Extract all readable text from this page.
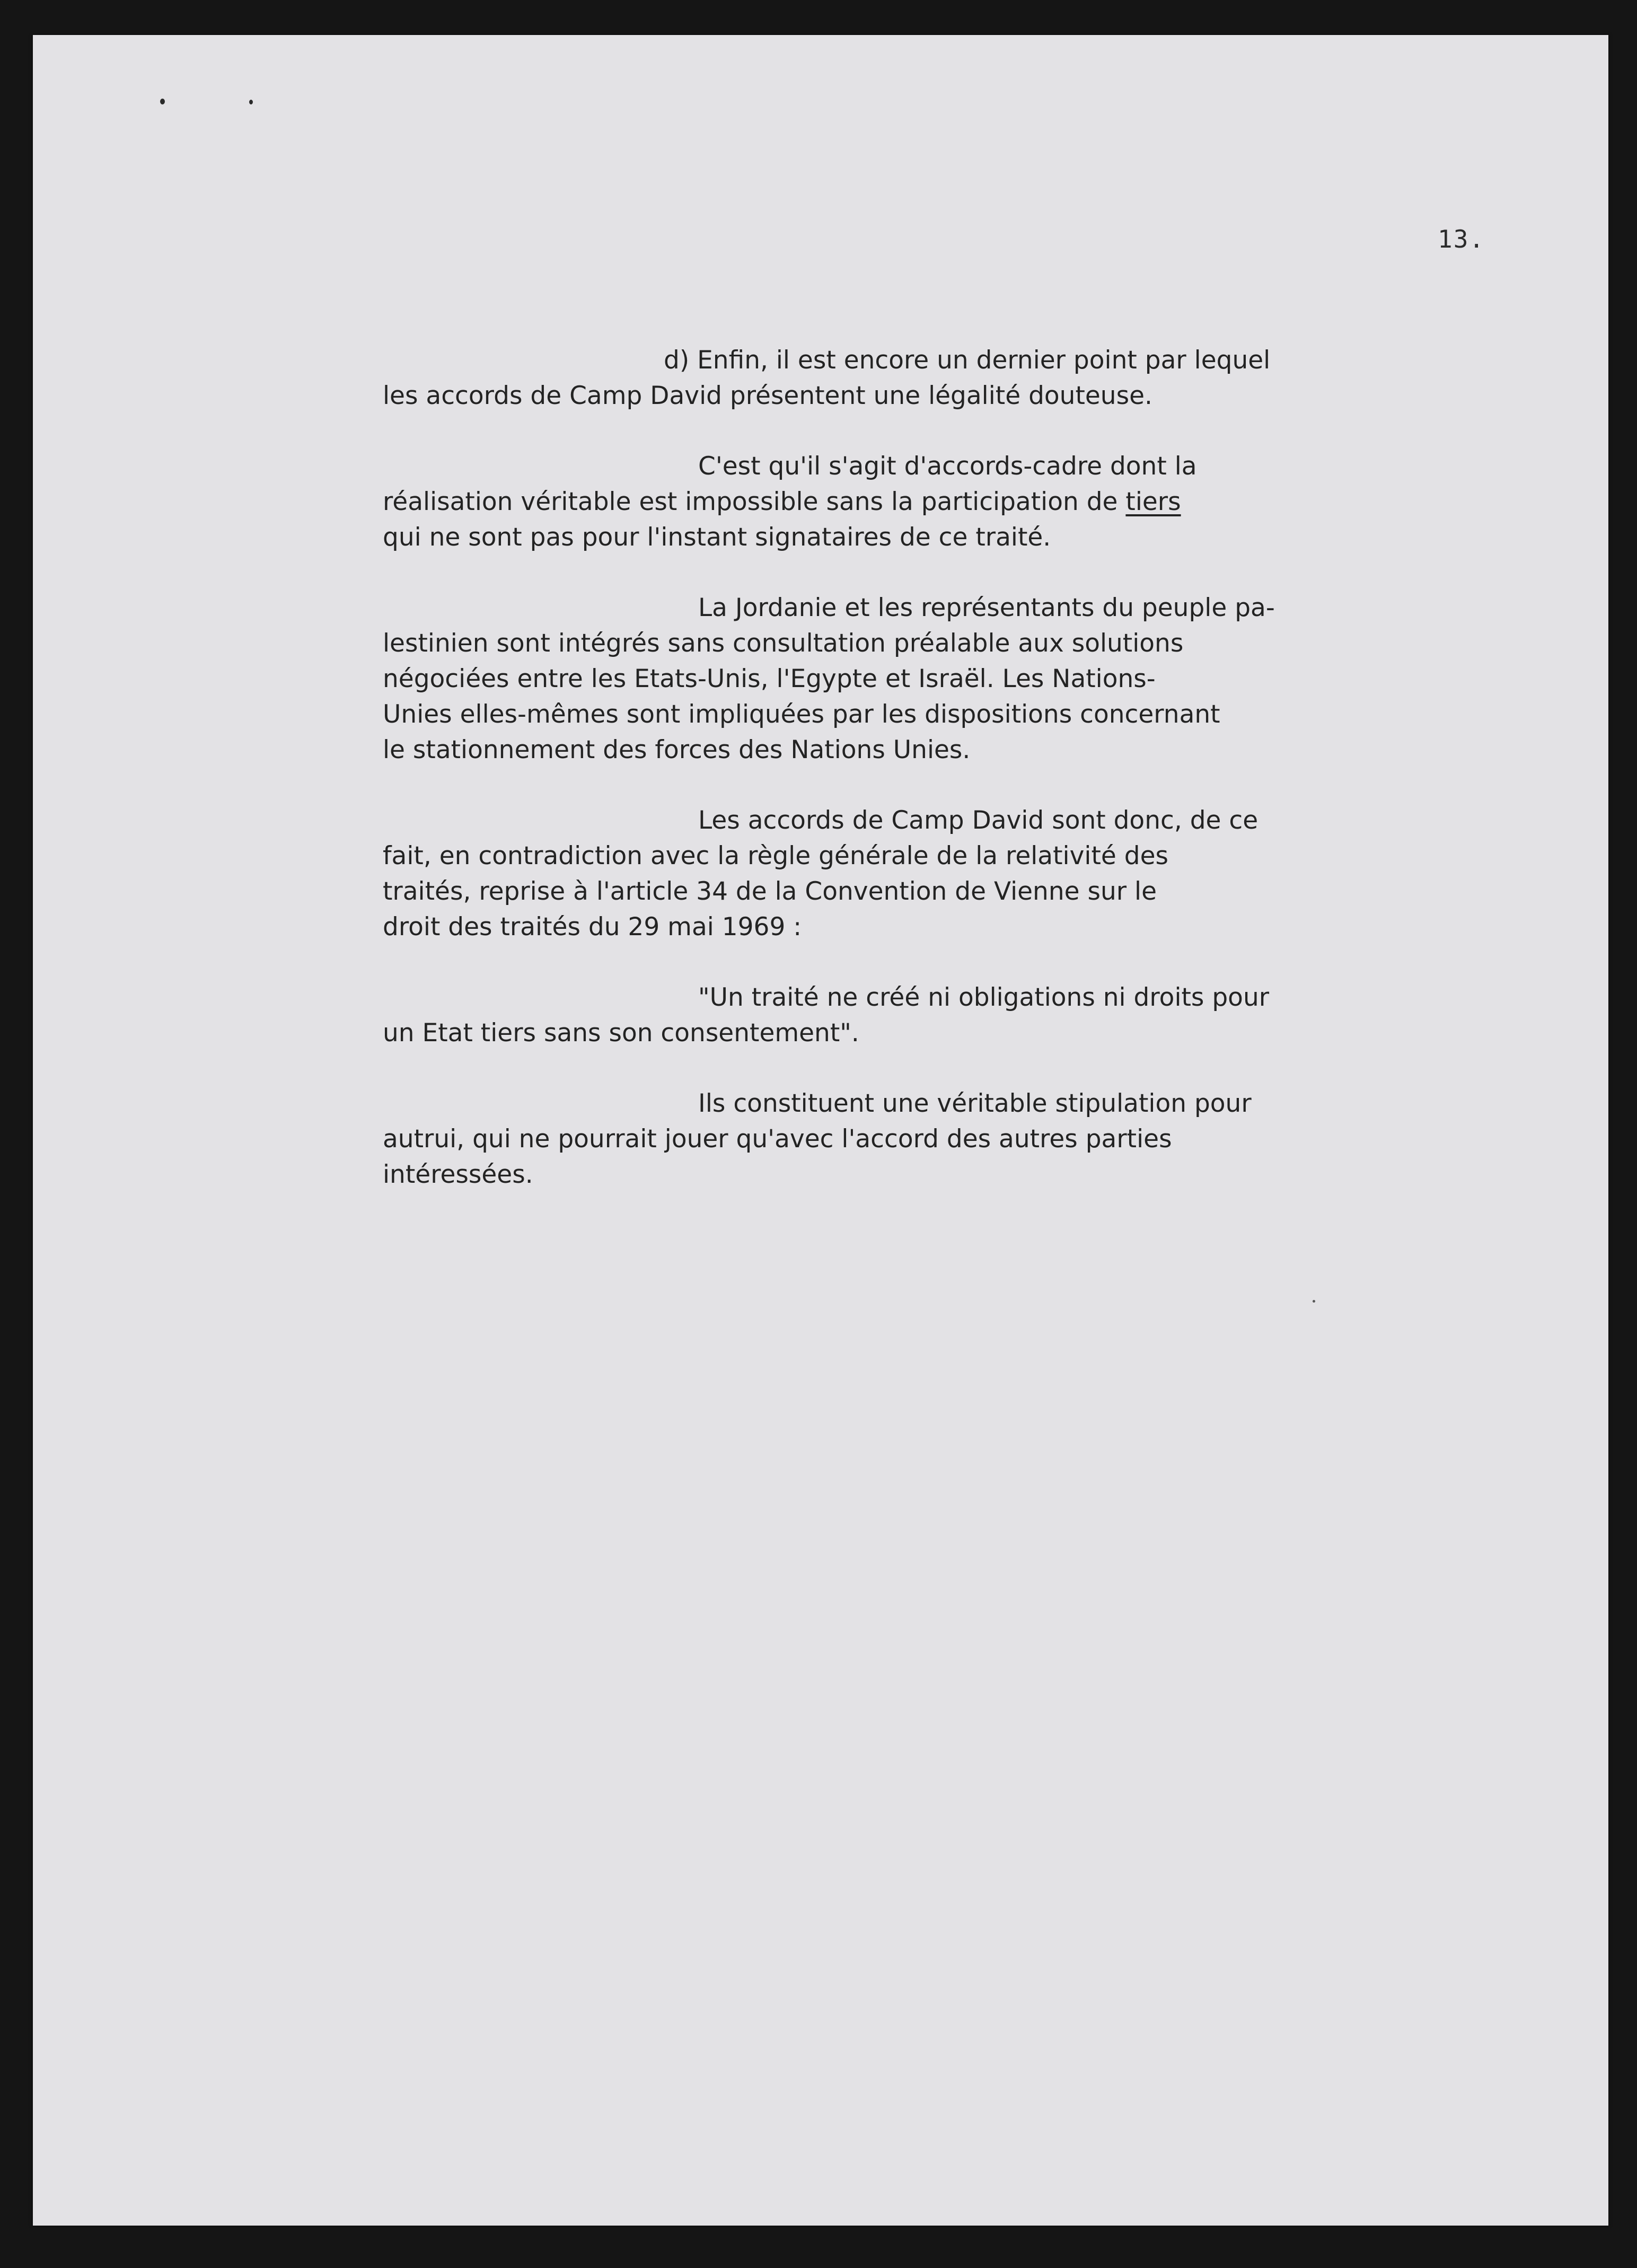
13.

d) Enfin, il est encore un dernier point par lequel
les accords de Camp David présentent une légalité douteuse.

C'est qu'il s'agit d'accords-cadre dont la
réalisation véritable est impossible sans la participation de tiers
qui ne sont pas pour l'instant signataires de ce traité.

La Jordanie et les représentants du peuple pa-
lestinien sont intégrés sans consultation préalable aux solutions
négociées entre les Etats-Unis, l'Egypte et Israël. Les Nations-
Unies elles-mêmes sont impliquées par les dispositions concernant
le stationnement des forces des Nations Unies.

Les accords de Camp David sont donc, de ce
fait, en contradiction avec la règle générale de la relativité des
traités, reprise à l'article 34 de la Convention de Vienne sur le
droit des traités du 29 mai 1969 :

"Un traité ne créé ni obligations ni droits pour
un Etat tiers sans son consentement".

Ils constituent une véritable stipulation pour
autrui, qui ne pourrait jouer qu'avec l'accord des autres parties
intéressées.
